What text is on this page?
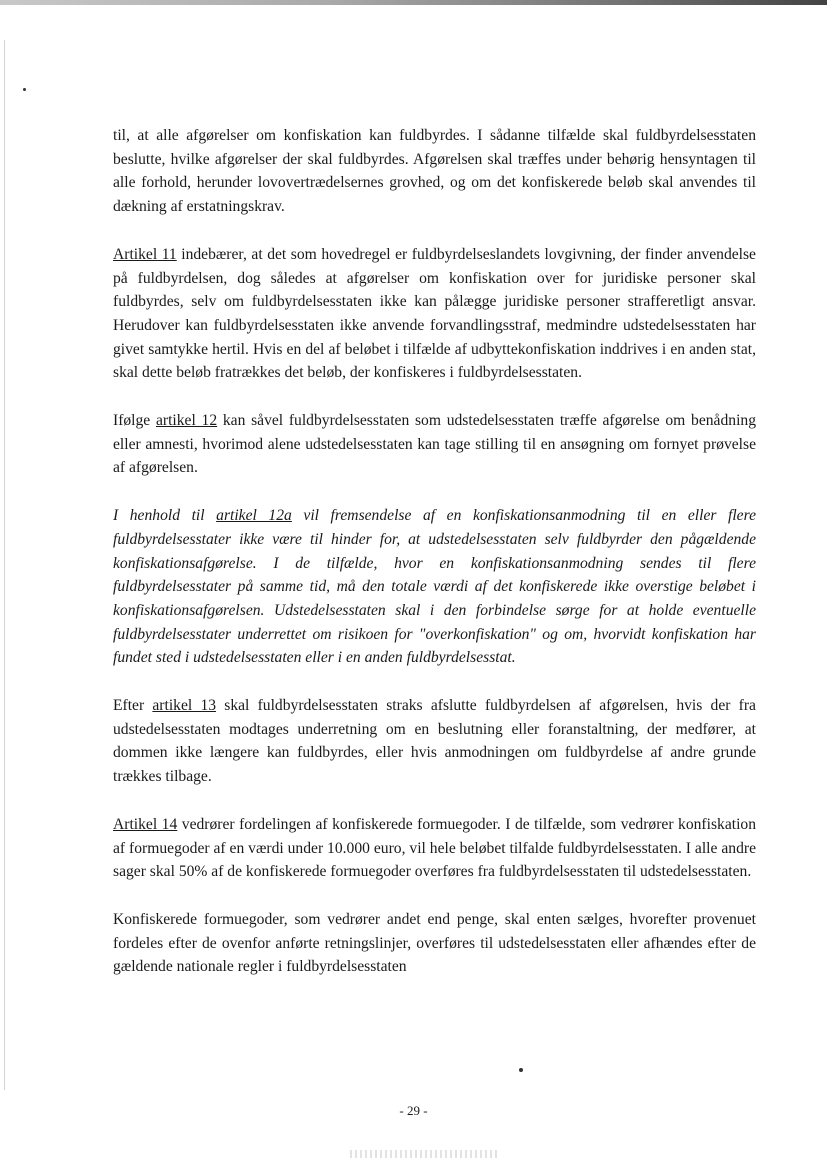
til, at alle afgørelser om konfiskation kan fuldbyrdes. I sådanne tilfælde skal fuldbyrdelsesstaten beslutte, hvilke afgørelser der skal fuldbyrdes. Afgørelsen skal træffes under behørig hensyntagen til alle forhold, herunder lovovertrædelsernes grovhed, og om det konfiskerede beløb skal anvendes til dækning af erstatningskrav.

Artikel 11 indebærer, at det som hovedregel er fuldbyrdelseslandets lovgivning, der finder anvendelse på fuldbyrdelsen, dog således at afgørelser om konfiskation over for juridiske personer skal fuldbyrdes, selv om fuldbyrdelsesstaten ikke kan pålægge juridiske personer strafferetligt ansvar. Herudover kan fuldbyrdelsesstaten ikke anvende forvandlingsstraf, medmindre udstedelsesstaten har givet samtykke hertil. Hvis en del af beløbet i tilfælde af udbyttekonfiskation inddrives i en anden stat, skal dette beløb fratrækkes det beløb, der konfiskeres i fuldbyrdelsesstaten.

Ifølge artikel 12 kan såvel fuldbyrdelsesstaten som udstedelsesstaten træffe afgørelse om benådning eller amnesti, hvorimod alene udstedelsesstaten kan tage stilling til en ansøgning om fornyet prøvelse af afgørelsen.

I henhold til artikel 12a vil fremsendelse af en konfiskationsanmodning til en eller flere fuldbyrdelsesstater ikke være til hinder for, at udstedelsesstaten selv fuldbyrder den pågældende konfiskationsafgørelse. I de tilfælde, hvor en konfiskationsanmodning sendes til flere fuldbyrdelsesstater på samme tid, må den totale værdi af det konfiskerede ikke overstige beløbet i konfiskationsafgørelsen. Udstedelsesstaten skal i den forbindelse sørge for at holde eventuelle fuldbyrdelsesstater underrettet om risikoen for "overkonfiskation" og om, hvorvidt konfiskation har fundet sted i udstedelsesstaten eller i en anden fuldbyrdelsesstat.

Efter artikel 13 skal fuldbyrdelsesstaten straks afslutte fuldbyrdelsen af afgørelsen, hvis der fra udstedelsesstaten modtages underretning om en beslutning eller foranstaltning, der medfører, at dommen ikke længere kan fuldbyrdes, eller hvis anmodningen om fuldbyrdelse af andre grunde trækkes tilbage.

Artikel 14 vedrører fordelingen af konfiskerede formuegoder. I de tilfælde, som vedrører konfiskation af formuegoder af en værdi under 10.000 euro, vil hele beløbet tilfalde fuldbyrdelsesstaten. I alle andre sager skal 50% af de konfiskerede formuegoder overføres fra fuldbyrdelsesstaten til udstedelsesstaten.

Konfiskerede formuegoder, som vedrører andet end penge, skal enten sælges, hvorefter provenuet fordeles efter de ovenfor anførte retningslinjer, overføres til udstedelsesstaten eller afhændes efter de gældende nationale regler i fuldbyrdelsesstaten

- 29 -
